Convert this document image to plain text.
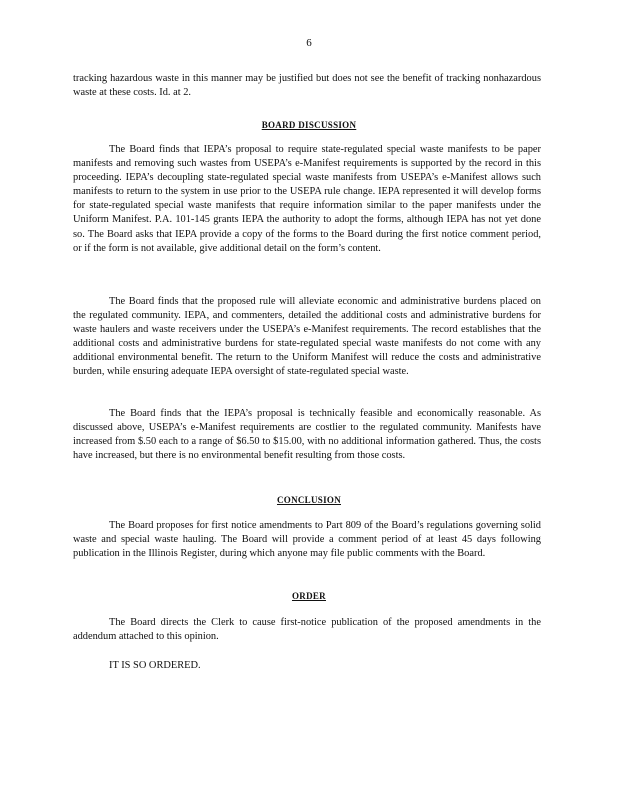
6

tracking hazardous waste in this manner may be justified but does not see the benefit of tracking nonhazardous waste at these costs. Id. at 2.

BOARD DISCUSSION

The Board finds that IEPA’s proposal to require state-regulated special waste manifests to be paper manifests and removing such wastes from USEPA’s e-Manifest requirements is supported by the record in this proceeding. IEPA’s decoupling state-regulated special waste manifests from USEPA’s e-Manifest allows such manifests to return to the system in use prior to the USEPA rule change. IEPA represented it will develop forms for state-regulated special waste manifests that require information similar to the paper manifests under the Uniform Manifest. P.A. 101-145 grants IEPA the authority to adopt the forms, although IEPA has not yet done so. The Board asks that IEPA provide a copy of the forms to the Board during the first notice comment period, or if the form is not available, give additional detail on the form’s content.

The Board finds that the proposed rule will alleviate economic and administrative burdens placed on the regulated community. IEPA, and commenters, detailed the additional costs and administrative burdens for waste haulers and waste receivers under the USEPA’s e-Manifest requirements. The record establishes that the additional costs and administrative burdens for state-regulated special waste manifests do not come with any additional environmental benefit. The return to the Uniform Manifest will reduce the costs and administrative burden, while ensuring adequate IEPA oversight of state-regulated special waste.

The Board finds that the IEPA’s proposal is technically feasible and economically reasonable. As discussed above, USEPA’s e-Manifest requirements are costlier to the regulated community. Manifests have increased from $.50 each to a range of $6.50 to $15.00, with no additional information gathered. Thus, the costs have increased, but there is no environmental benefit resulting from those costs.

CONCLUSION

The Board proposes for first notice amendments to Part 809 of the Board’s regulations governing solid waste and special waste hauling. The Board will provide a comment period of at least 45 days following publication in the Illinois Register, during which anyone may file public comments with the Board.

ORDER

The Board directs the Clerk to cause first-notice publication of the proposed amendments in the addendum attached to this opinion.

IT IS SO ORDERED.
